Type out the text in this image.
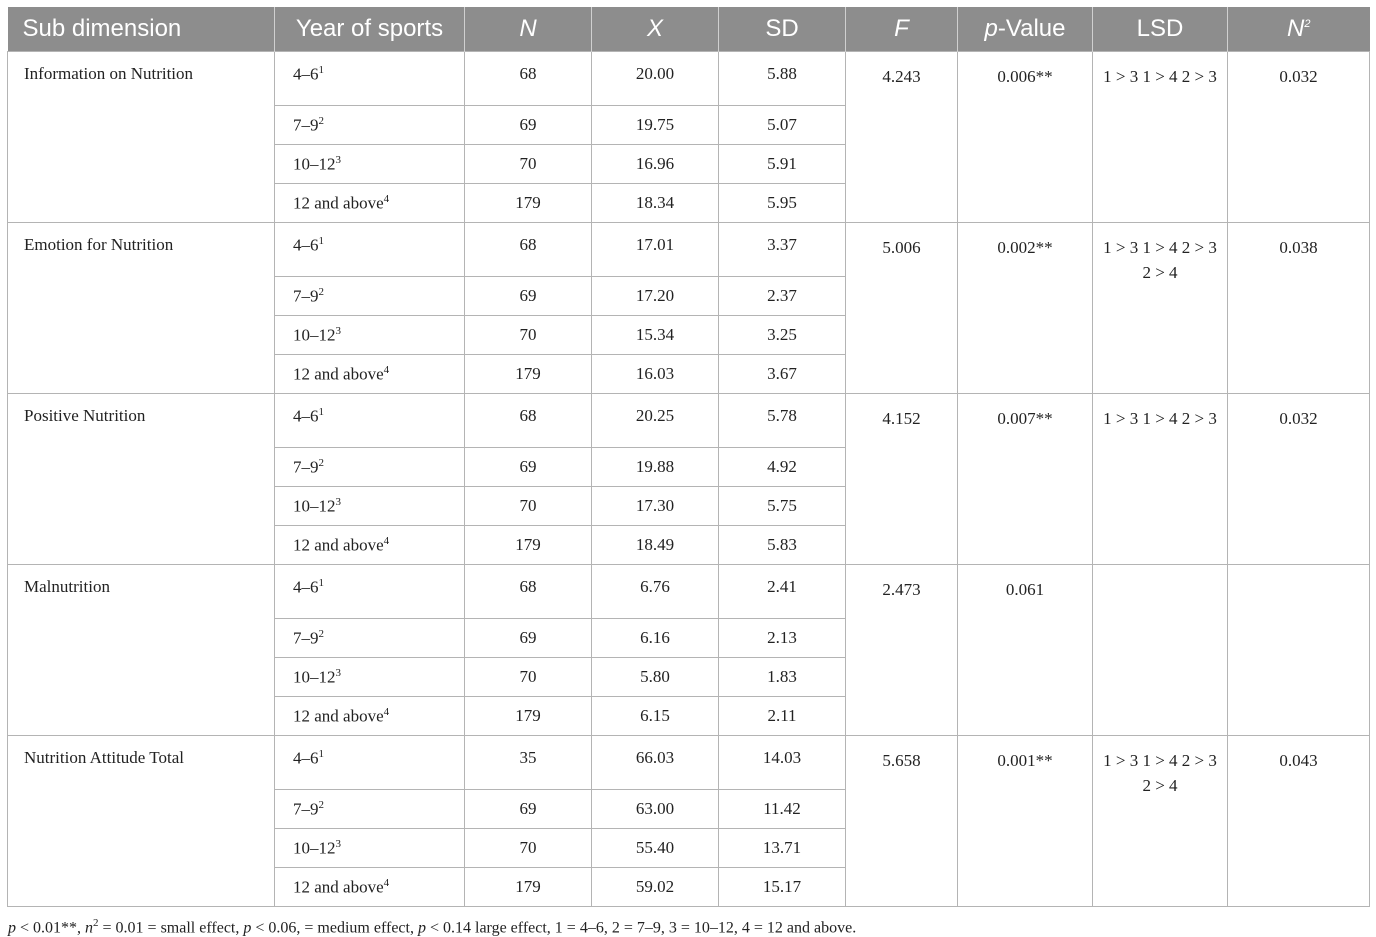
Sub dimension	Year of sports	N	X	SD	F	p-Value	LSD	$N^2$
Information on Nutrition	$4-6^1$	68	20.00	5.88	4.243	0.006**	1 > 3 1 > 4 2 > 3	0.032
	$7-9^2$	69	19.75	5.07				
	$10-12^3$	70	16.96	5.91				
	12 and above$^4$	179	18.34	5.95				
Emotion for Nutrition	$4-6^1$	68	17.01	3.37	5.006	0.002**	1 > 3 1 > 4 2 > 3 2 > 4	0.038
	$7-9^2$	69	17.20	2.37				
	$10-12^3$	70	15.34	3.25				
	12 and above$^4$	179	16.03	3.67				
Positive Nutrition	$4-6^1$	68	20.25	5.78	4.152	0.007**	1 > 3 1 > 4 2 > 3	0.032
	$7-9^2$	69	19.88	4.92				
	$10-12^3$	70	17.30	5.75				
	12 and above$^4$	179	18.49	5.83				
Malnutrition	$4-6^1$	68	6.76	2.41	2.473	0.061		
	$7-9^2$	69	6.16	2.13				
	$10-12^3$	70	5.80	1.83				
	12 and above$^4$	179	6.15	2.11				
Nutrition Attitude Total	$4-6^1$	35	66.03	14.03	5.658	0.001**	1 > 3 1 > 4 2 > 3 2 > 4	0.043
	$7-9^2$	69	63.00	11.42				
	$10-12^3$	70	55.40	13.71				
	12 and above$^4$	179	59.02	15.17				
p < 0.01**, $n^2 = 0.01$ = small effect, p < 0.06, = medium effect, p < 0.14 large effect, 1 = 4–6, 2 = 7–9, 3 = 10–12, 4 = 12 and above.
